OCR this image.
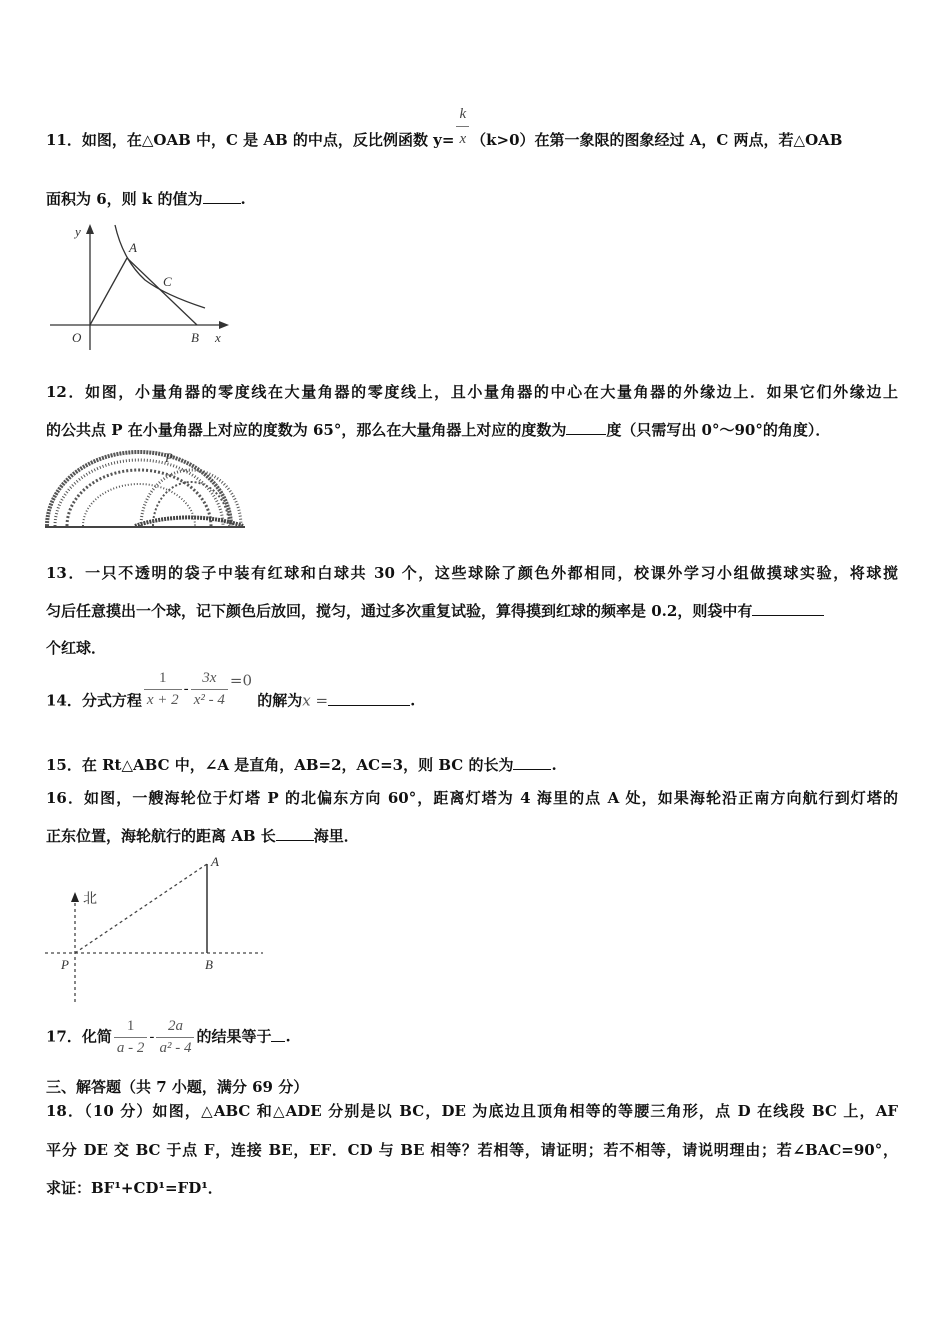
11．如图，在△OAB 中，C 是 AB 的中点，反比例函数 $y= \frac{k}{x} (k>0)$在第一象限的图象经过 A，C 两点，若△OAB
面积为 6，则 k 的值为	.
y
A
C
O	B x
12．如图，小量角器的零度线在大量角器的零度线上，且小量角器的中心在大量角器的外缘边上．如果它们外缘边上
的公共点 P 在小量角器上对应的度数为 65°，那么在大量角器上对应的度数为	度（只需写出 0°～90°的角度）．
P
13．一只不透明的袋子中装有红球和白球共 30 个，这些球除了颜色外都相同，校课外学习小组做摸球实验，将球搅
匀后任意摸出一个球，记下颜色后放回，搅匀，通过多次重复试验，算得摸到红球的频率是 0.2，则袋中有
个红球．
14．分式方程 $\frac{1}{x + 2} - \frac{3x}{\text{x² - 4}} =0$ 的解为x =	.
15．在 Rt△ABC 中，∠A 是直角，AB=2，AC=3，则 BC 的长为	.
16．如图，一艘海轮位于灯塔 P 的北偏东方向 60°，距离灯塔为 4 海里的点 A 处，如果海轮沿正南方向航行到灯塔的
正东位置，海轮航行的距离 AB 长	海里．
北
A
P	B
17．化简 $\frac{1}{a - 2} - \frac{2a}{\text{a² - 4}}$ 的结果等于 .
三、解答题（共 7 小题，满分 69 分）
18．（10 分）如图，△ABC 和△ADE 分别是以 BC，DE 为底边且顶角相等的等腰三角形，点 D 在线段 BC 上，AF
平分 DE 交 BC 于点 F，连接 BE，EF．CD 与 BE 相等？若相等，请证明；若不相等，请说明理由；若∠BAC=90°，
求证：BF¹+CD¹=FD¹．
